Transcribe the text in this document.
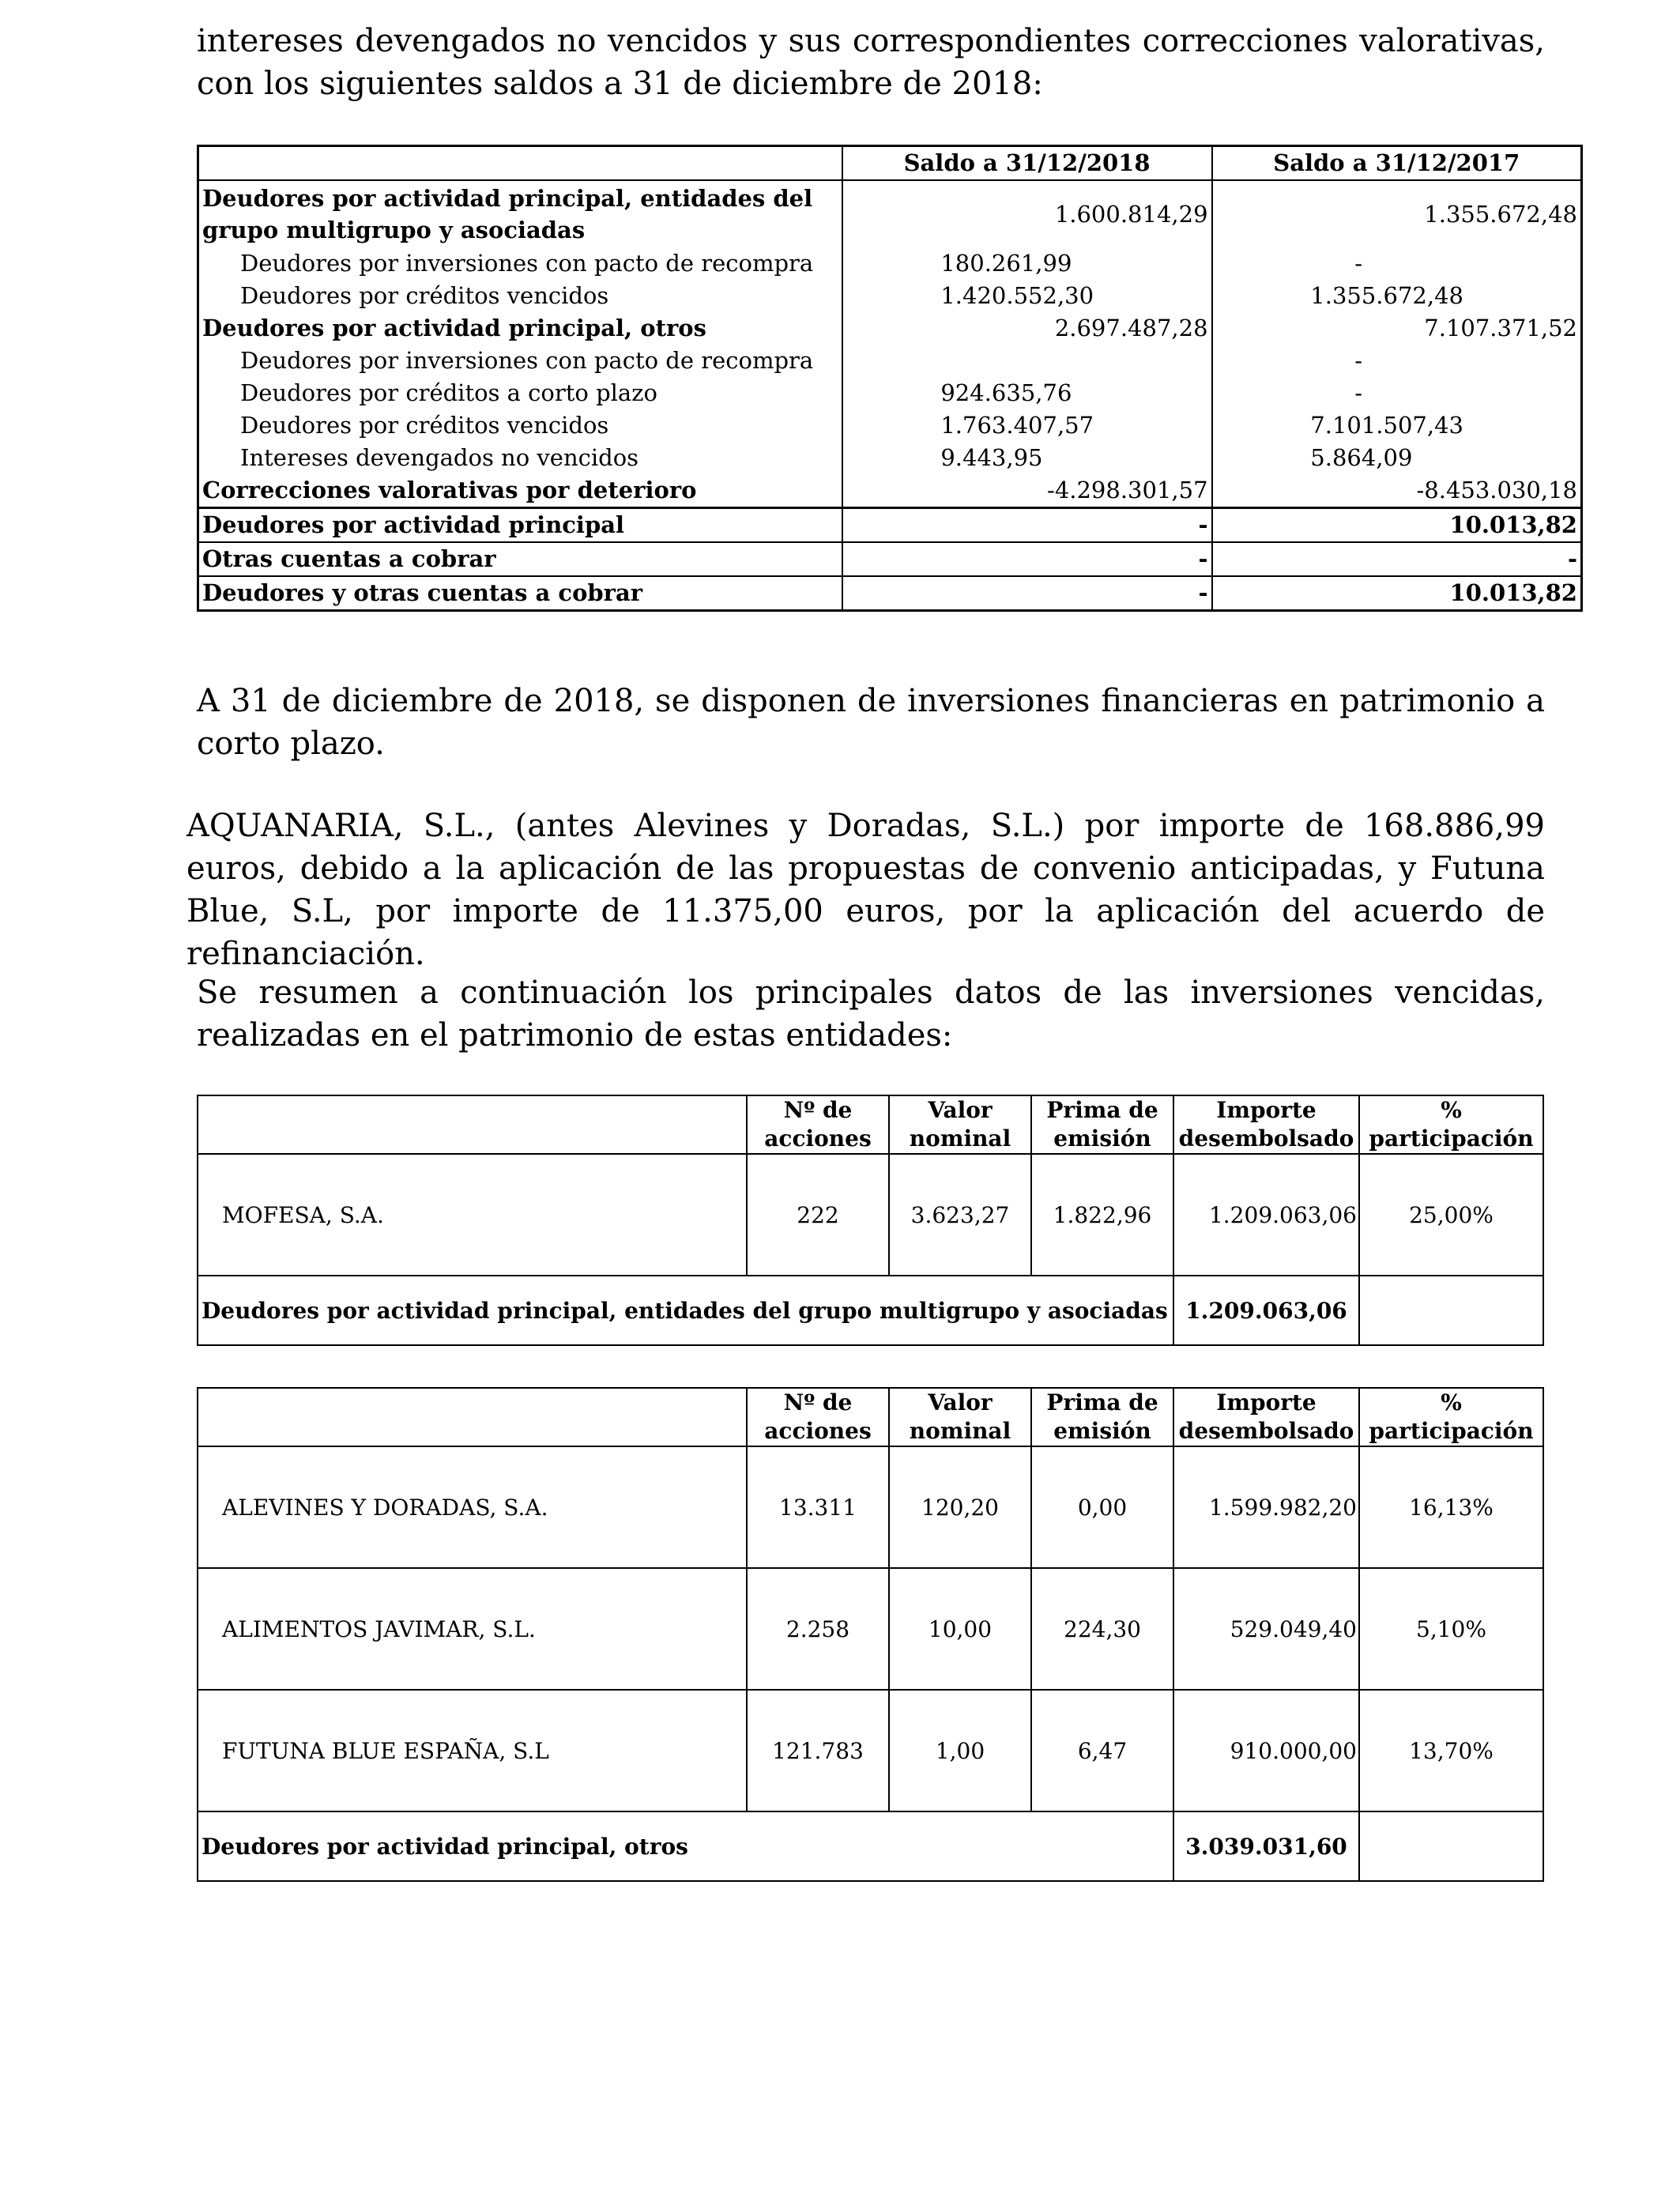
intereses devengados no vencidos y sus correspondientes correcciones valorativas, con los siguientes saldos a 31 de diciembre de 2018:

	Saldo a 31/12/2018		Saldo a 31/12/2017	
Deudores por actividad principal, entidades del grupo multigrupo y asociadas		1.600.814,29		1.355.672,48
Deudores por inversiones con pacto de recompra		180.261,99		-
Deudores por créditos vencidos		1.420.552,30		1.355.672,48
Deudores por actividad principal, otros		2.697.487,28		7.107.371,52
Deudores por inversiones con pacto de recompra				-
Deudores por créditos a corto plazo		924.635,76		-
Deudores por créditos vencidos		1.763.407,57		7.101.507,43
Intereses devengados no vencidos		9.443,95		5.864,09
Correcciones valorativas por deterioro		-4.298.301,57		-8.453.030,18
Deudores por actividad principal	-		10.013,82	
Otras cuentas a cobrar	-		-	
Deudores y otras cuentas a cobrar	-		10.013,82	

A 31 de diciembre de 2018, se disponen de inversiones financieras en patrimonio a corto plazo.

AQUANARIA, S.L., (antes Alevines y Doradas, S.L.) por importe de 168.886,99 euros, debido a la aplicación de las propuestas de convenio anticipadas, y Futuna Blue, S.L, por importe de 11.375,00 euros, por la aplicación del acuerdo de refinanciación.

Se resumen a continuación los principales datos de las inversiones vencidas, realizadas en el patrimonio de estas entidades:

	Nº de acciones	Valor nominal	Prima de emisión	Importe desembolsado	% participación
MOFESA, S.A.	222	3.623,27	1.822,96	1.209.063,06	25,00%
Deudores por actividad principal, entidades del grupo multigrupo y asociadas				1.209.063,06	
	Nº de acciones	Valor nominal	Prima de emisión	Importe desembolsado	% participación
ALEVINES Y DORADAS, S.A.	13.311	120,20	0,00	1.599.982,20	16,13%
ALIMENTOS JAVIMAR, S.L.	2.258	10,00	224,30	529.049,40	5,10%
FUTUNA BLUE ESPAÑA, S.L	121.783	1,00	6,47	910.000,00	13,70%
Deudores por actividad principal, otros				3.039.031,60	
